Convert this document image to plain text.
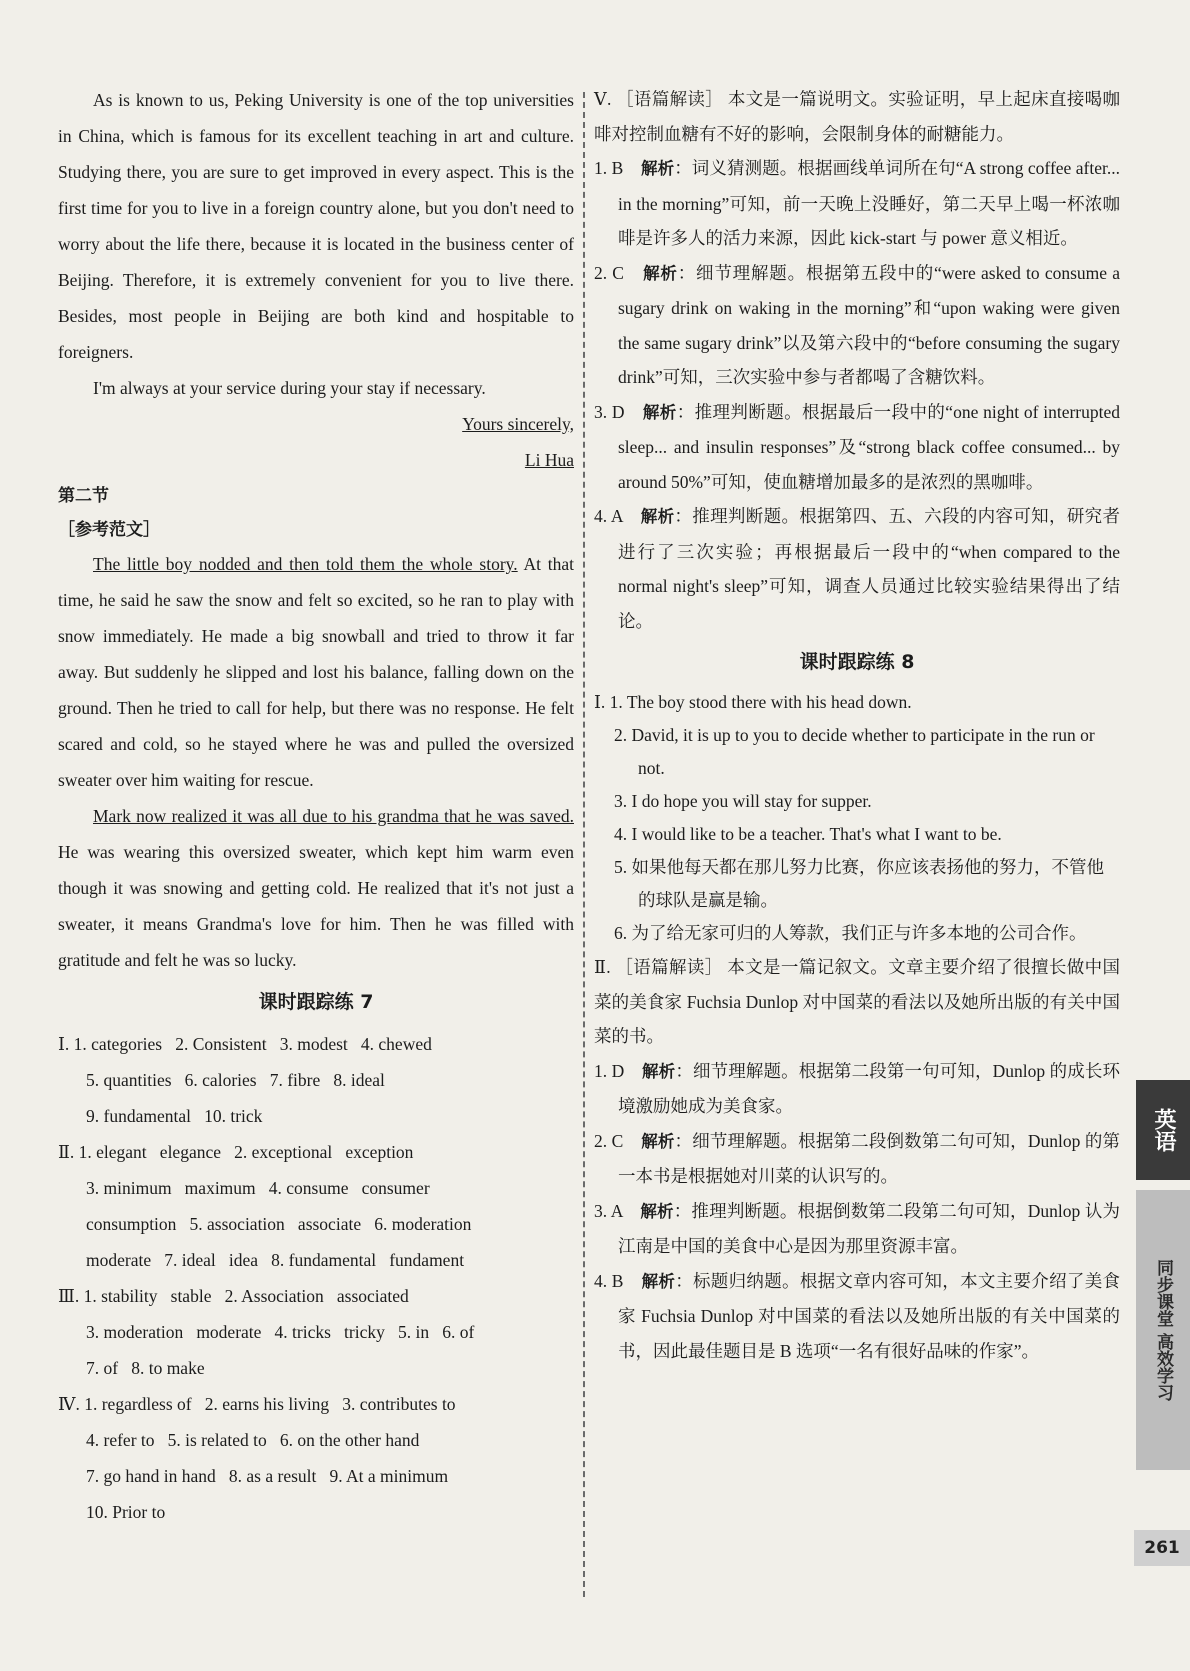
As is known to us, Peking University is one of the top universities in China, which is famous for its excellent teaching in art and culture. Studying there, you are sure to get improved in every aspect. This is the first time for you to live in a foreign country alone, but you don't need to worry about the life there, because it is located in the business center of Beijing. Therefore, it is extremely convenient for you to live there. Besides, most people in Beijing are both kind and hospitable to foreigners.

I'm always at your service during your stay if necessary.

Yours sincerely,

Li Hua

第二节

［参考范文］

The little boy nodded and then told them the whole story. At that time, he said he saw the snow and felt so excited, so he ran to play with snow immediately. He made a big snowball and tried to throw it far away. But suddenly he slipped and lost his balance, falling down on the ground. Then he tried to call for help, but there was no response. He felt scared and cold, so he stayed where he was and pulled the oversized sweater over him waiting for rescue.

Mark now realized it was all due to his grandma that he was saved. He was wearing this oversized sweater, which kept him warm even though it was snowing and getting cold. He realized that it's not just a sweater, it means Grandma's love for him. Then he was filled with gratitude and felt he was so lucky.

课时跟踪练 7

Ⅰ. 1. categories   2. Consistent   3. modest   4. chewed

5. quantities   6. calories   7. fibre   8. ideal

9. fundamental   10. trick

Ⅱ. 1. elegant   elegance   2. exceptional   exception

3. minimum   maximum   4. consume   consumer

consumption   5. association   associate   6. moderation

moderate   7. ideal   idea   8. fundamental   fundament

Ⅲ. 1. stability   stable   2. Association   associated

3. moderation   moderate   4. tricks   tricky   5. in   6. of

7. of   8. to make

Ⅳ. 1. regardless of   2. earns his living   3. contributes to

4. refer to   5. is related to   6. on the other hand

7. go hand in hand   8. as a result   9. At a minimum

10. Prior to

Ⅴ. ［语篇解读］ 本文是一篇说明文。实验证明，早上起床直接喝咖啡对控制血糖有不好的影响，会限制身体的耐糖能力。

1. B　 解析：词义猜测题。根据画线单词所在句“A strong coffee after... in the morning”可知，前一天晚上没睡好，第二天早上喝一杯浓咖啡是许多人的活力来源，因此 kick-start 与 power 意义相近。

2. C　 解析：细节理解题。根据第五段中的“were asked to consume a sugary drink on waking in the morning”和“upon waking were given the same sugary drink”以及第六段中的“before consuming the sugary drink”可知，三次实验中参与者都喝了含糖饮料。

3. D　 解析：推理判断题。根据最后一段中的“one night of interrupted sleep... and insulin responses”及“strong black coffee consumed... by around 50%”可知，使血糖增加最多的是浓烈的黑咖啡。

4. A　 解析：推理判断题。根据第四、五、六段的内容可知，研究者进行了三次实验；再根据最后一段中的“when compared to the normal night's sleep”可知，调查人员通过比较实验结果得出了结论。

课时跟踪练 8

Ⅰ. 1. The boy stood there with his head down.

2. David, it is up to you to decide whether to participate in the run or not.

3. I do hope you will stay for supper.

4. I would like to be a teacher. That's what I want to be.

5. 如果他每天都在那儿努力比赛，你应该表扬他的努力，不管他的球队是赢是输。

6. 为了给无家可归的人筹款，我们正与许多本地的公司合作。

Ⅱ. ［语篇解读］ 本文是一篇记叙文。文章主要介绍了很擅长做中国菜的美食家 Fuchsia Dunlop 对中国菜的看法以及她所出版的有关中国菜的书。

1. D　 解析：细节理解题。根据第二段第一句可知，Dunlop 的成长环境激励她成为美食家。

2. C　 解析：细节理解题。根据第二段倒数第二句可知，Dunlop 的第一本书是根据她对川菜的认识写的。

3. A　 解析：推理判断题。根据倒数第二段第二句可知，Dunlop 认为江南是中国的美食中心是因为那里资源丰富。

4. B　 解析：标题归纳题。根据文章内容可知，本文主要介绍了美食家 Fuchsia Dunlop 对中国菜的看法以及她所出版的有关中国菜的书，因此最佳题目是 B 选项“一名有很好品味的作家”。

英语
同步课堂 高效学习
261
